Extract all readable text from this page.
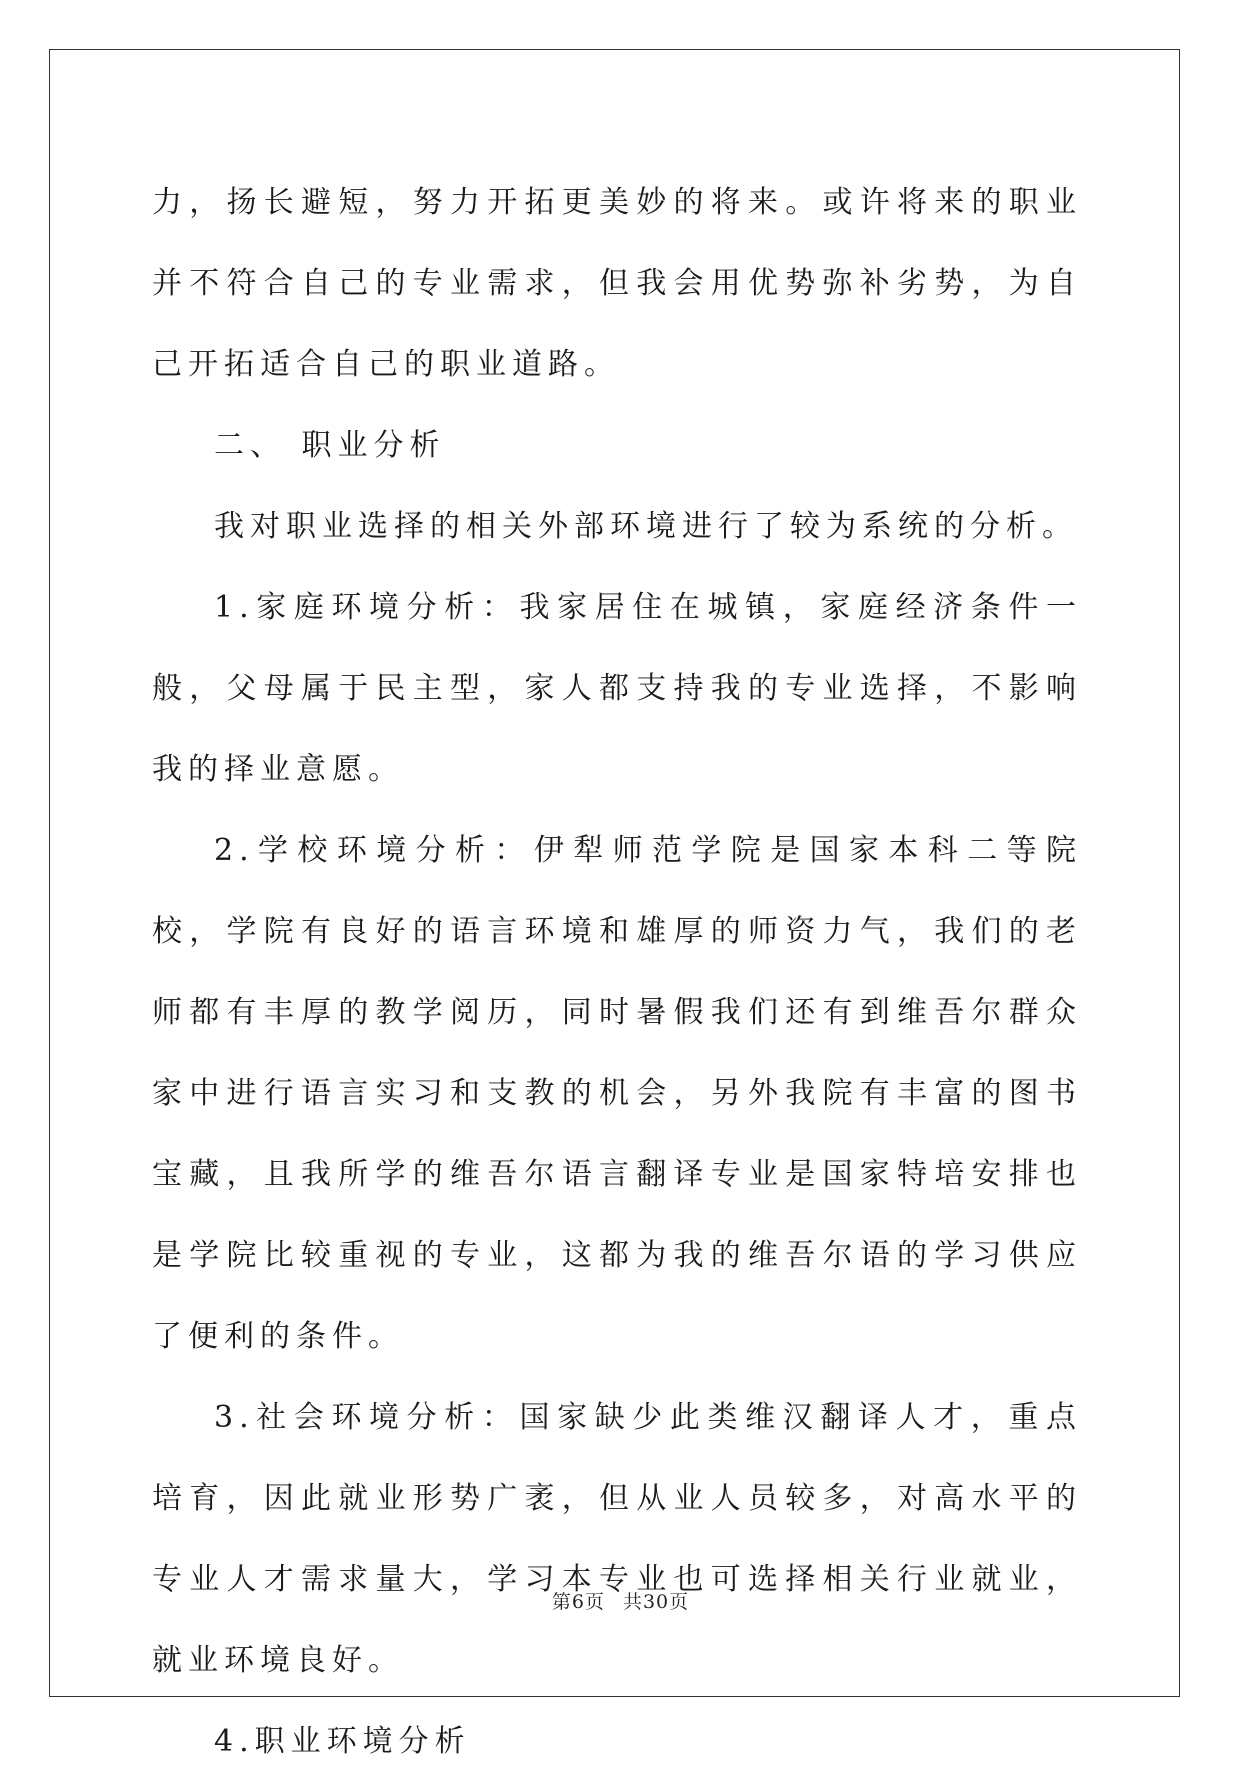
力，扬长避短，努力开拓更美妙的将来。或许将来的职业并不符合自己的专业需求，但我会用优势弥补劣势，为自己开拓适合自己的职业道路。

二、 职业分析

我对职业选择的相关外部环境进行了较为系统的分析。

1.家庭环境分析：我家居住在城镇，家庭经济条件一般，父母属于民主型，家人都支持我的专业选择，不影响我的择业意愿。

2.学校环境分析：伊犁师范学院是国家本科二等院校，学院有良好的语言环境和雄厚的师资力气，我们的老师都有丰厚的教学阅历，同时暑假我们还有到维吾尔群众家中进行语言实习和支教的机会，另外我院有丰富的图书宝藏，且我所学的维吾尔语言翻译专业是国家特培安排也是学院比较重视的专业，这都为我的维吾尔语的学习供应了便利的条件。

3.社会环境分析：国家缺少此类维汉翻译人才，重点培育，因此就业形势广袤，但从业人员较多，对高水平的专业人才需求量大，学习本专业也可选择相关行业就业，就业环境良好。

4.职业环境分析

第6页 共30页
